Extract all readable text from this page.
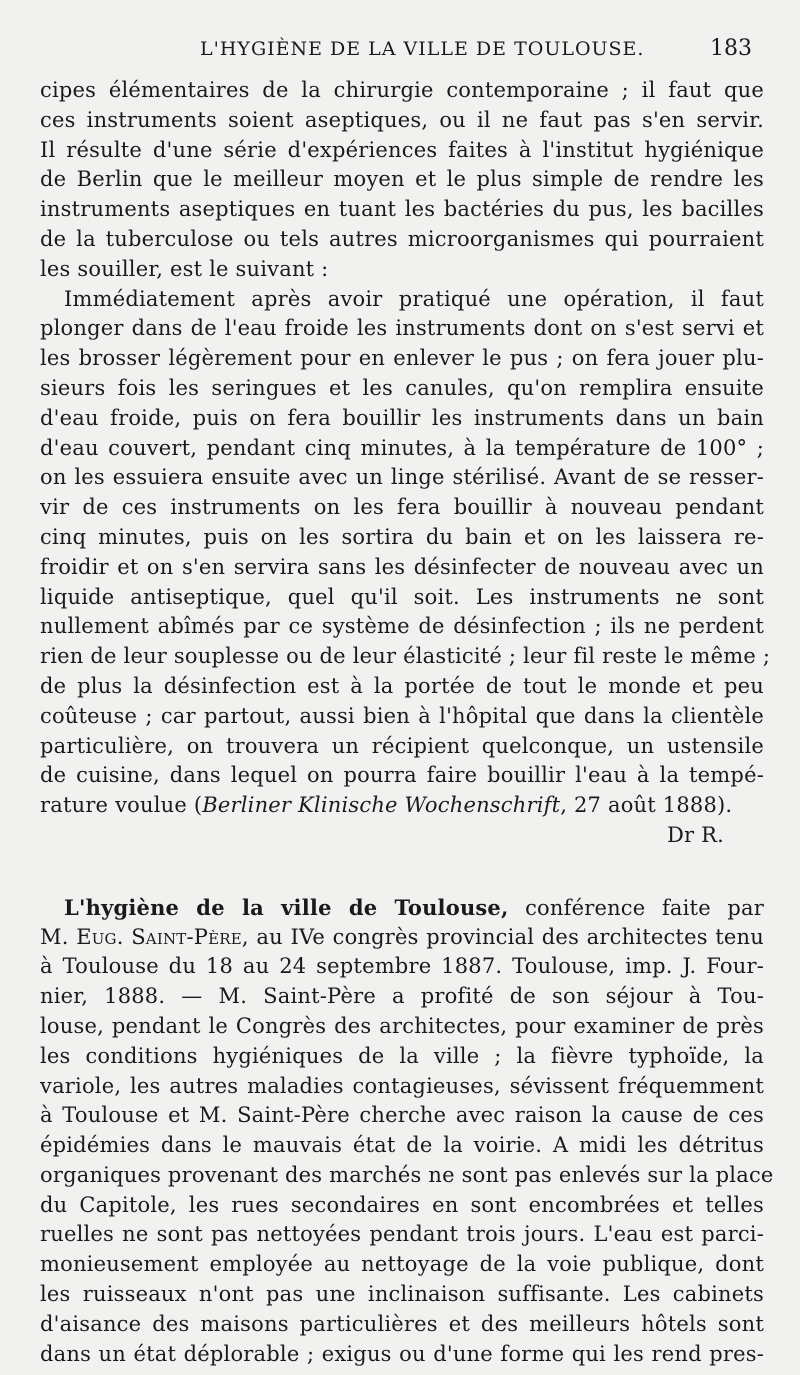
L'HYGIÈNE DE LA VILLE DE TOULOUSE.	183
cipes élémentaires de la chirurgie contemporaine ; il faut que
ces instruments soient aseptiques, ou il ne faut pas s'en servir.
Il résulte d'une série d'expériences faites à l'institut hygiénique
de Berlin que le meilleur moyen et le plus simple de rendre les
instruments aseptiques en tuant les bactéries du pus, les bacilles
de la tuberculose ou tels autres microorganismes qui pourraient
les souiller, est le suivant :
Immédiatement après avoir pratiqué une opération, il faut
plonger dans de l'eau froide les instruments dont on s'est servi et
les brosser légèrement pour en enlever le pus ; on fera jouer plu-
sieurs fois les seringues et les canules, qu'on remplira ensuite
d'eau froide, puis on fera bouillir les instruments dans un bain
d'eau couvert, pendant cinq minutes, à la température de 100° ;
on les essuiera ensuite avec un linge stérilisé. Avant de se resser-
vir de ces instruments on les fera bouillir à nouveau pendant
cinq minutes, puis on les sortira du bain et on les laissera re-
froidir et on s'en servira sans les désinfecter de nouveau avec un
liquide antiseptique, quel qu'il soit. Les instruments ne sont
nullement abîmés par ce système de désinfection ; ils ne perdent
rien de leur souplesse ou de leur élasticité ; leur fil reste le même ;
de plus la désinfection est à la portée de tout le monde et peu
coûteuse ; car partout, aussi bien à l'hôpital que dans la clientèle
particulière, on trouvera un récipient quelconque, un ustensile
de cuisine, dans lequel on pourra faire bouillir l'eau à la tempé-
rature voulue (Berliner Klinische Wochenschrift, 27 août 1888).
Dr R.
L'hygiène de la ville de Toulouse, conférence faite par
M. Eug. Saint-Père, au IVe congrès provincial des architectes tenu
à Toulouse du 18 au 24 septembre 1887. Toulouse, imp. J. Four-
nier, 1888. — M. Saint-Père a profité de son séjour à Tou-
louse, pendant le Congrès des architectes, pour examiner de près
les conditions hygiéniques de la ville ; la fièvre typhoïde, la
variole, les autres maladies contagieuses, sévissent fréquemment
à Toulouse et M. Saint-Père cherche avec raison la cause de ces
épidémies dans le mauvais état de la voirie. A midi les détritus
organiques provenant des marchés ne sont pas enlevés sur la place
du Capitole, les rues secondaires en sont encombrées et telles
ruelles ne sont pas nettoyées pendant trois jours. L'eau est parci-
monieusement employée au nettoyage de la voie publique, dont
les ruisseaux n'ont pas une inclinaison suffisante. Les cabinets
d'aisance des maisons particulières et des meilleurs hôtels sont
dans un état déplorable ; exigus ou d'une forme qui les rend pres-
